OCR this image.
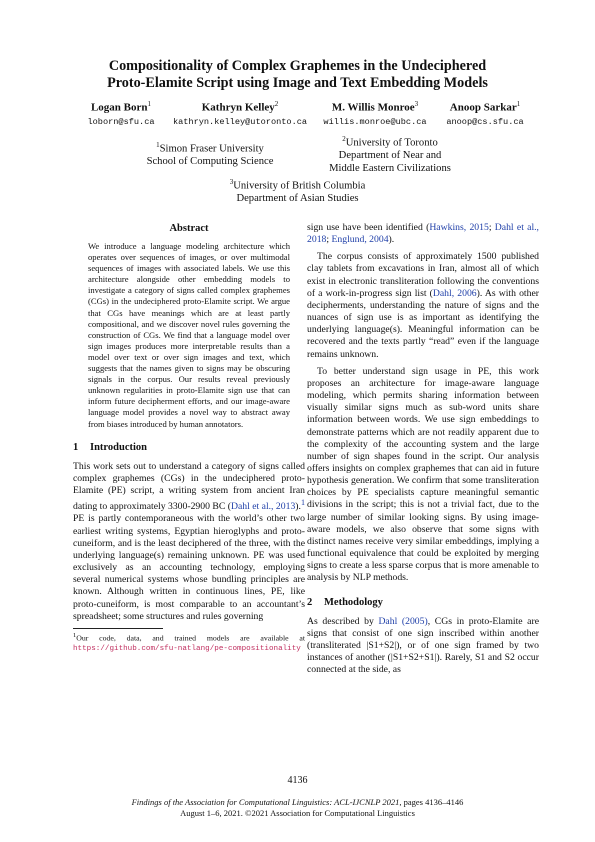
Compositionality of Complex Graphemes in the Undeciphered
Proto-Elamite Script using Image and Text Embedding Models
Logan Born$^1$
loborn@sfu.ca
Kathryn Kelley$^2$
kathryn.kelley@utoronto.ca
M. Willis Monroe$^3$
willis.monroe@ubc.ca
Anoop Sarkar$^1$
anoop@cs.sfu.ca
$^1$Simon Fraser University
School of Computing Science
$^2$University of Toronto
Department of Near and
Middle Eastern Civilizations
$^3$University of British Columbia
Department of Asian Studies
Abstract

We introduce a language modeling architecture which operates over sequences of images, or over multimodal sequences of images with associated labels. We use this architecture alongside other embedding models to investigate a category of signs called complex graphemes (CGs) in the undeciphered proto-Elamite script. We argue that CGs have meanings which are at least partly compositional, and we discover novel rules governing the construction of CGs. We find that a language model over sign images produces more interpretable results than a model over text or over sign images and text, which suggests that the names given to signs may be obscuring signals in the corpus. Our results reveal previously unknown regularities in proto-Elamite sign use that can inform future decipherment efforts, and our image-aware language model provides a novel way to abstract away from biases introduced by human annotators.

1 Introduction

This work sets out to understand a category of signs called complex graphemes (CGs) in the undeciphered proto-Elamite (PE) script, a writing system from ancient Iran dating to approximately 3300-2900 BC (Dahl et al., 2013).$^1$ PE is partly contemporaneous with the world’s other two earliest writing systems, Egyptian hieroglyphs and proto-cuneiform, and is the least deciphered of the three, with the underlying language(s) remaining unknown. PE was used exclusively as an accounting technology, employing several numerical systems whose bundling principles are known. Although written in continuous lines, PE, like proto-cuneiform, is most comparable to an accountant’s spreadsheet; some structures and rules governing

$^1$Our code, data, and trained models are available at https://github.com/sfu-natlang/pe-compositionality

sign use have been identified (Hawkins, 2015; Dahl et al., 2018; Englund, 2004).

The corpus consists of approximately 1500 published clay tablets from excavations in Iran, almost all of which exist in electronic transliteration following the conventions of a work-in-progress sign list (Dahl, 2006). As with other decipherments, understanding the nature of signs and the nuances of sign use is as important as identifying the underlying language(s). Meaningful information can be recovered and the texts partly “read” even if the language remains unknown.

To better understand sign usage in PE, this work proposes an architecture for image-aware language modeling, which permits sharing information between visually similar signs much as sub-word units share information between words. We use sign embeddings to demonstrate patterns which are not readily apparent due to the complexity of the accounting system and the large number of sign shapes found in the script. Our analysis offers insights on complex graphemes that can aid in future hypothesis generation. We confirm that some transliteration choices by PE specialists capture meaningful semantic divisions in the script; this is not a trivial fact, due to the large number of similar looking signs. By using image-aware models, we also observe that some signs with distinct names receive very similar embeddings, implying a functional equivalence that could be exploited by merging signs to create a less sparse corpus that is more amenable to analysis by NLP methods.

2 Methodology

As described by Dahl (2005), CGs in proto-Elamite are signs that consist of one sign inscribed within another (transliterated |S1+S2|), or of one sign framed by two instances of another (|S1+S2+S1|). Rarely, S1 and S2 occur connected at the side, as

4136
Findings of the Association for Computational Linguistics: ACL-IJCNLP 2021, pages 4136–4146
August 1–6, 2021. ©2021 Association for Computational Linguistics
